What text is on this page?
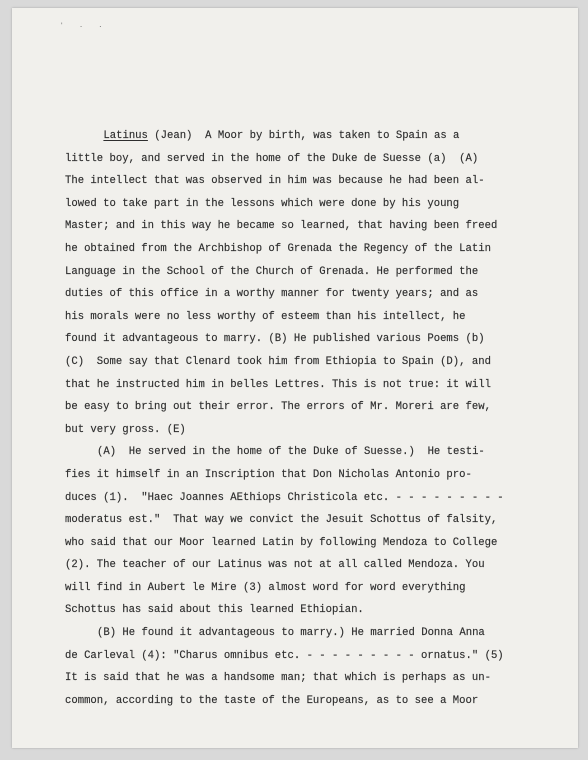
' . .
Latinus (Jean)  A Moor by birth, was taken to Spain as a
little boy, and served in the home of the Duke de Suesse (a)  (A)
The intellect that was observed in him was because he had been al-
lowed to take part in the lessons which were done by his young
Master; and in this way he became so learned, that having been freed
he obtained from the Archbishop of Grenada the Regency of the Latin
Language in the School of the Church of Grenada. He performed the
duties of this office in a worthy manner for twenty years; and as
his morals were no less worthy of esteem than his intellect, he
found it advantageous to marry. (B) He published various Poems (b)
(C)  Some say that Clenard took him from Ethiopia to Spain (D), and
that he instructed him in belles Lettres. This is not true: it will
be easy to bring out their error. The errors of Mr. Moreri are few,
but very gross. (E)
(A)  He served in the home of the Duke of Suesse.)  He testi-
fies it himself in an Inscription that Don Nicholas Antonio pro-
duces (1).  "Haec Joannes AEthiops Christicola etc. - - - - - - - - -
moderatus est."  That way we convict the Jesuit Schottus of falsity,
who said that our Moor learned Latin by following Mendoza to College
(2). The teacher of our Latinus was not at all called Mendoza. You
will find in Aubert le Mire (3) almost word for word everything
Schottus has said about this learned Ethiopian.
(B) He found it advantageous to marry.) He married Donna Anna
de Carleval (4): "Charus omnibus etc. - - - - - - - - - ornatus." (5)
It is said that he was a handsome man; that which is perhaps as un-
common, according to the taste of the Europeans, as to see a Moor
